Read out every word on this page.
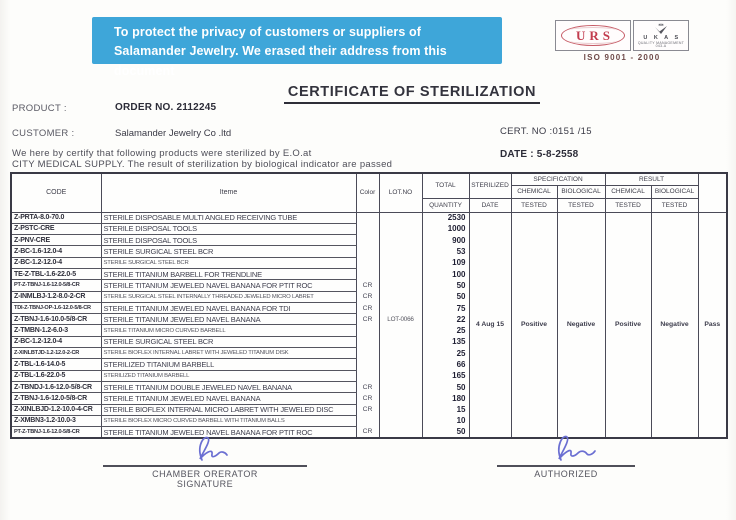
To protect the privacy of customers or suppliers of
Salamander Jewelry. We erased their address from this document
URS	U K A S
QUALITY MANAGEMENT
043-A
ISO 9001 - 2000
CERTIFICATE OF STERILIZATION
PRODUCT :	ORDER NO. 2112245
CUSTOMER :	Salamander Jewelry Co .ltd	CERT. NO :0151 /15
DATE : 5-8-2558
We here by certify that following products were sterilized by E.O.at
CITY MEDICAL SUPPLY. The result of sterilization by biological indicator are passed
CODE	Iteme	Color	LOT.NO	TOTAL	STERILIZED	SPECIFICATION		RESULT		
						CHEMICAL	BIOLOGICAL	CHEMICAL	BIOLOGICAL	
				QUANTITY	DATE	TESTED	TESTED	TESTED	TESTED	
Z-PRTA-8.0-70.0	STERILE DISPOSABLE MULTI ANGLED RECEIVING TUBE			2530	4 Aug 15	Positive	Negative	Positive	Negative	Pass
Z-PSTC-CRE	STERILE DISPOSAL TOOLS			1000						
Z-PNV-CRE	STERILE DISPOSAL TOOLS			900						
Z-BC-1.6-12.0-4	STERILE SURGICAL STEEL BCR			53						
Z-BC-1.2-12.0-4	STERILE SURGICAL STEEL BCR			109						
TE-Z-TBL-1.6-22.0-5	STERILE TITANIUM BARBELL FOR TRENDLINE			100						
PT-Z-TBNJ-1.6-12.0-5/8-CR	STERILE TITANIUM JEWELED NAVEL BANANA FOR PTIT ROC	CR		50						
Z-INMLBJ-1.2-8.0-2-CR	STERILE SURGICAL STEEL INTERNALLY THREADED JEWELED MICRO LABRET	CR		50						
TDI-Z-TBNJ-OP-1.6-12.0-5/8-CR	STERILE TITANIUM JEWELED NAVEL BANANA FOR TDI	CR		75						
Z-TBNJ-1.6-10.0-5/8-CR	STERILE TITANIUM JEWELED NAVEL BANANA	CR	LOT-0066	22						
Z-TMBN-1.2-6.0-3	STERILE TITANIUM MICRO CURVED BARBELL			25						
Z-BC-1.2-12.0-4	STERILE SURGICAL STEEL BCR			135						
Z-XINLBTJD-1.2-12.0-2-CR	STERILE BIOFLEX INTERNAL LABRET WITH JEWELED TITANIUM DISK			25						
Z-TBL-1.6-14.0-5	STERILIZED TITANIUM BARBELL			66						
Z-TBL-1.6-22.0-5	STERILIZED TITANIUM BARBELL			165						
Z-TBNDJ-1.6-12.0-5/8-CR	STERILE TITANIUM DOUBLE JEWELED NAVEL BANANA	CR		50						
Z-TBNJ-1.6-12.0-5/8-CR	STERILE TITANIUM JEWELED NAVEL BANANA	CR		180						
Z-XINLBJD-1.2-10.0-4-CR	STERILE BIOFLEX INTERNAL MICRO LABRET WITH JEWELED DISC	CR		15						
Z-XMBN3-1.2-10.0-3	STERILE BIOFLEX MICRO CURVED BARBELL WITH TITANIUM BALLS			10						
PT-Z-TBNJ-1.6-12.0-5/8-CR	STERILE TITANIUM JEWELED NAVEL BANANA FOR PTIT ROC	CR		50						
CHAMBER ORERATOR
SIGNATURE
AUTHORIZED
